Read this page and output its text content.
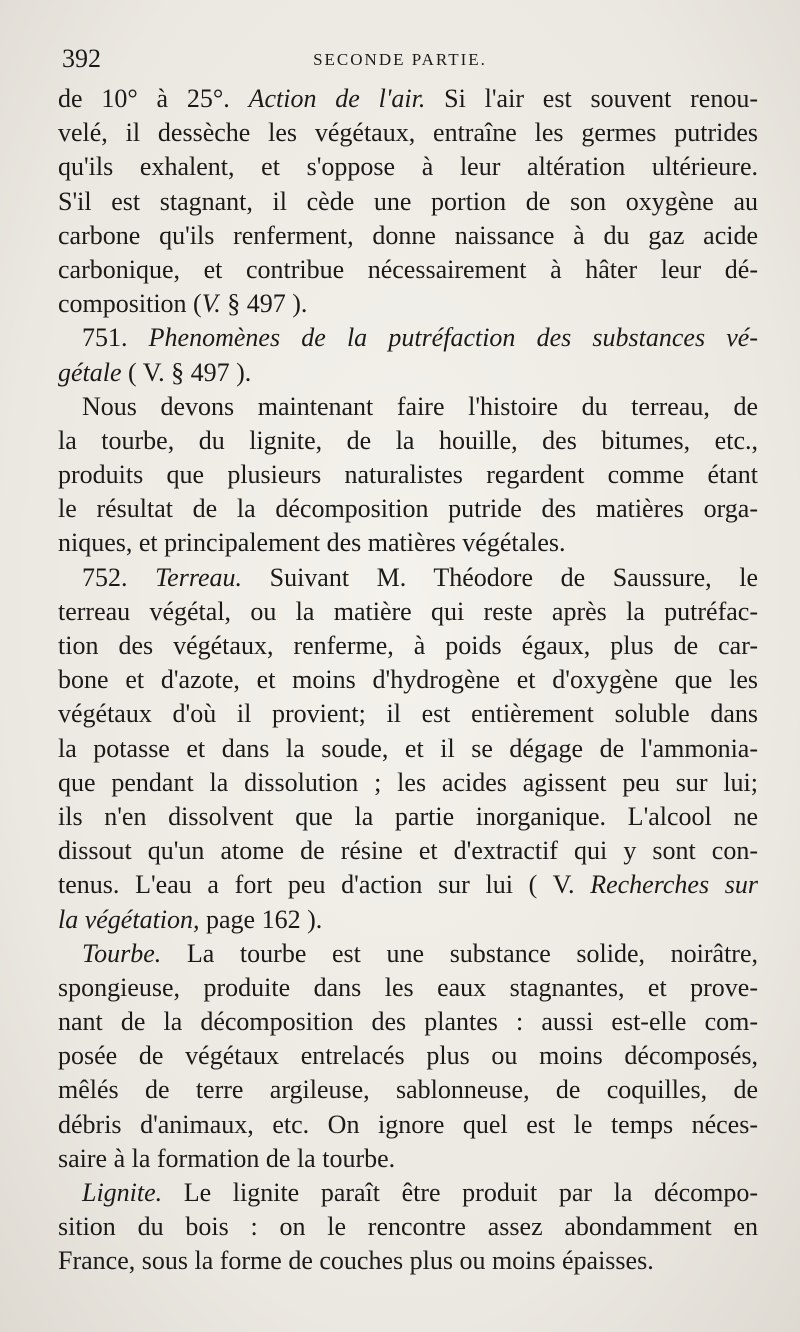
392	SECONDE PARTIE.
de 10° à 25°. Action de l'air. Si l'air est souvent renou-
velé, il dessèche les végétaux, entraîne les germes putrides
qu'ils exhalent, et s'oppose à leur altération ultérieure.
S'il est stagnant, il cède une portion de son oxygène au
carbone qu'ils renferment, donne naissance à du gaz acide
carbonique, et contribue nécessairement à hâter leur dé-
composition (V. § 497 ).
751. Phenomènes de la putréfaction des substances vé-
gétale ( V. § 497 ).
Nous devons maintenant faire l'histoire du terreau, de
la tourbe, du lignite, de la houille, des bitumes, etc.,
produits que plusieurs naturalistes regardent comme étant
le résultat de la décomposition putride des matières orga-
niques, et principalement des matières végétales.
752. Terreau. Suivant M. Théodore de Saussure, le
terreau végétal, ou la matière qui reste après la putréfac-
tion des végétaux, renferme, à poids égaux, plus de car-
bone et d'azote, et moins d'hydrogène et d'oxygène que les
végétaux d'où il provient; il est entièrement soluble dans
la potasse et dans la soude, et il se dégage de l'ammonia-
que pendant la dissolution ; les acides agissent peu sur lui;
ils n'en dissolvent que la partie inorganique. L'alcool ne
dissout qu'un atome de résine et d'extractif qui y sont con-
tenus. L'eau a fort peu d'action sur lui ( V. Recherches sur
la végétation, page 162 ).
Tourbe. La tourbe est une substance solide, noirâtre,
spongieuse, produite dans les eaux stagnantes, et prove-
nant de la décomposition des plantes : aussi est-elle com-
posée de végétaux entrelacés plus ou moins décomposés,
mêlés de terre argileuse, sablonneuse, de coquilles, de
débris d'animaux, etc. On ignore quel est le temps néces-
saire à la formation de la tourbe.
Lignite. Le lignite paraît être produit par la décompo-
sition du bois : on le rencontre assez abondamment en
France, sous la forme de couches plus ou moins épaisses.
